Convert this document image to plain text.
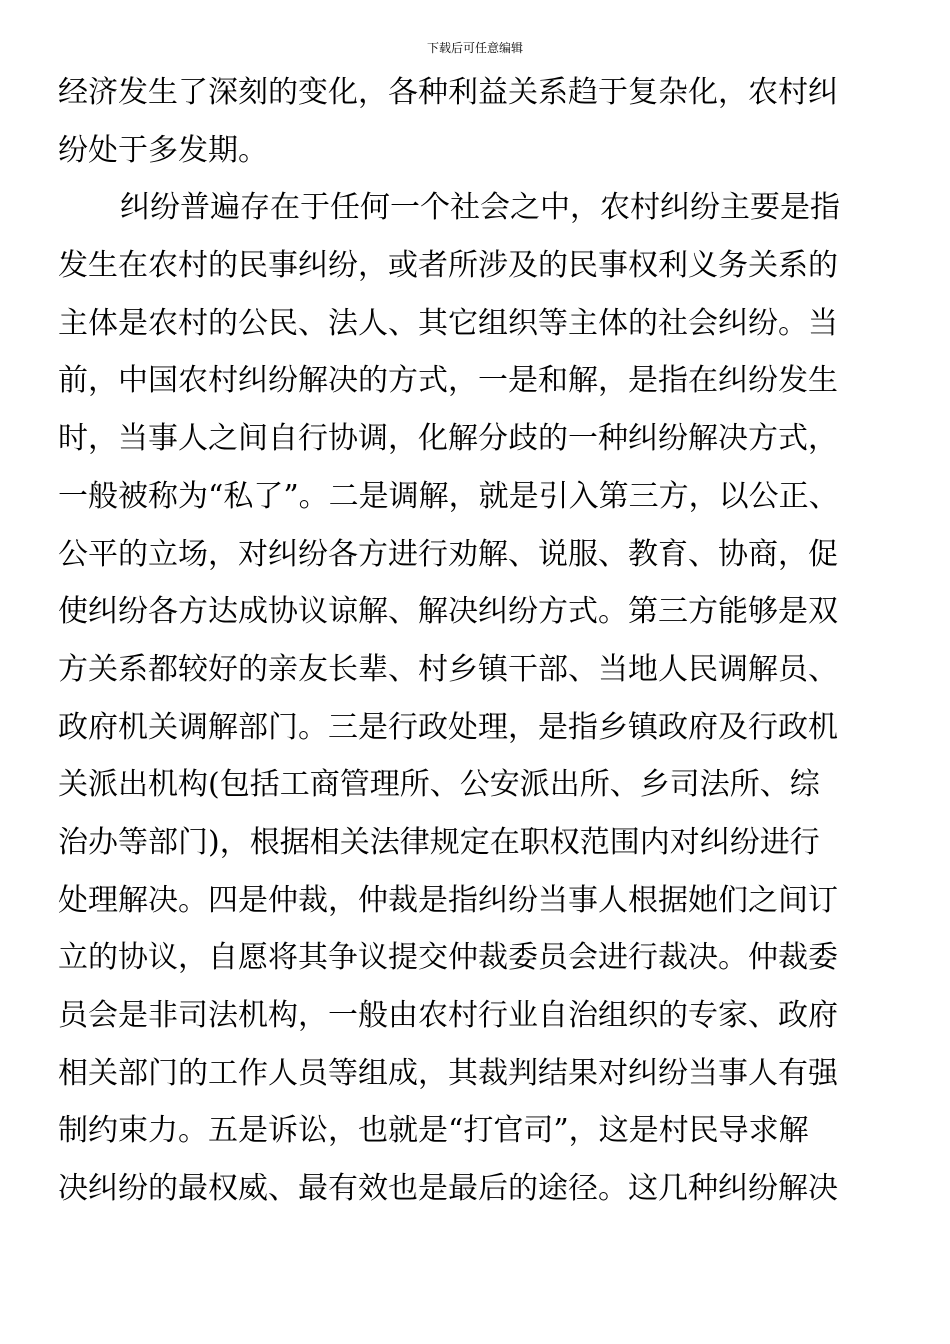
下载后可任意编辑
经济发生了深刻的变化，各种利益关系趋于复杂化，农村纠
纷处于多发期。
纠纷普遍存在于任何一个社会之中，农村纠纷主要是指
发生在农村的民事纠纷，或者所涉及的民事权利义务关系的
主体是农村的公民、法人、其它组织等主体的社会纠纷。当
前，中国农村纠纷解决的方式，一是和解，是指在纠纷发生
时，当事人之间自行协调，化解分歧的一种纠纷解决方式，
一般被称为“私了”。二是调解，就是引入第三方，以公正、
公平的立场，对纠纷各方进行劝解、说服、教育、协商，促
使纠纷各方达成协议谅解、解决纠纷方式。第三方能够是双
方关系都较好的亲友长辈、村乡镇干部、当地人民调解员、
政府机关调解部门。三是行政处理，是指乡镇政府及行政机
关派出机构(包括工商管理所、公安派出所、乡司法所、综
治办等部门)，根据相关法律规定在职权范围内对纠纷进行
处理解决。四是仲裁，仲裁是指纠纷当事人根据她们之间订
立的协议，自愿将其争议提交仲裁委员会进行裁决。仲裁委
员会是非司法机构，一般由农村行业自治组织的专家、政府
相关部门的工作人员等组成，其裁判结果对纠纷当事人有强
制约束力。五是诉讼，也就是“打官司”，这是村民导求解
决纠纷的最权威、最有效也是最后的途径。这几种纠纷解决
